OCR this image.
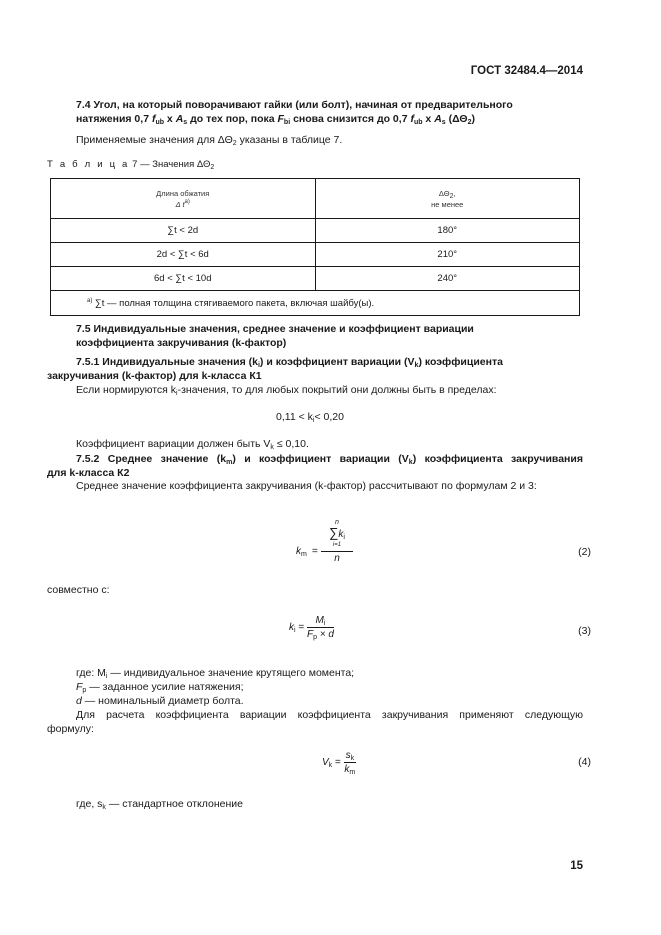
ГОСТ 32484.4—2014
7.4 Угол, на который поворачивают гайки (или болт), начиная от предварительного
натяжения 0,7 $f_{ub}$ x $A_s$ до тех пор, пока $F_{bi}$ снова снизится до 0,7 $f_{ub}$ x $A_s$ $(\Delta\Theta_2)$
Применяемые значения для $\Delta\Theta_2$ указаны в таблице 7.
Т а б л и ц а 7 — Значения $\Delta\Theta_2$
Длина обжатия
Δ $t^{a)}$	$\Delta\Theta_2$,
не менее
∑t < 2d	180°
2d < ∑t < 6d	210°
6d < ∑t < 10d	240°
$^{a)}$ ∑t — полная толщина стягиваемого пакета, включая шайбу(ы).	
7.5 Индивидуальные значения, среднее значение и коэффициент вариации
коэффициента закручивания (k-фактор)
7.5.1 Индивидуальные значения $(k_i)$ и коэффициент вариации $(V_k)$ коэффициента
закручивания (k-фактор) для k-класса К1
Если нормируются $k_i$-значения, то для любых покрытий они должны быть в пределах:
$0,11 < k_i< 0,20$
Коэффициент вариации должен быть $V_k \le 0,10$.
7.5.2 Среднее значение $(k_m)$ и коэффициент вариации $(V_k)$ коэффициента закручивания
для k-класса К2
Среднее значение коэффициента закручивания (k-фактор) рассчитывают по формулам 2 и 3:
$k_m$ =
n
$\sum k_i$
i=1
n
(2)
совместно с:
$k_i = \frac{M_i}{F_p \times d}$	(3)
где: $M_i$ — индивидуальное значение крутящего момента;
$F_p$ — заданное усилие натяжения;
d — номинальный диаметр болта.
Для расчета коэффициента вариации коэффициента закручивания применяют следующую
формулу:
$V_k = \frac{s_k}{k_m}$	(4)
где, $s_k$ — стандартное отклонение
15
